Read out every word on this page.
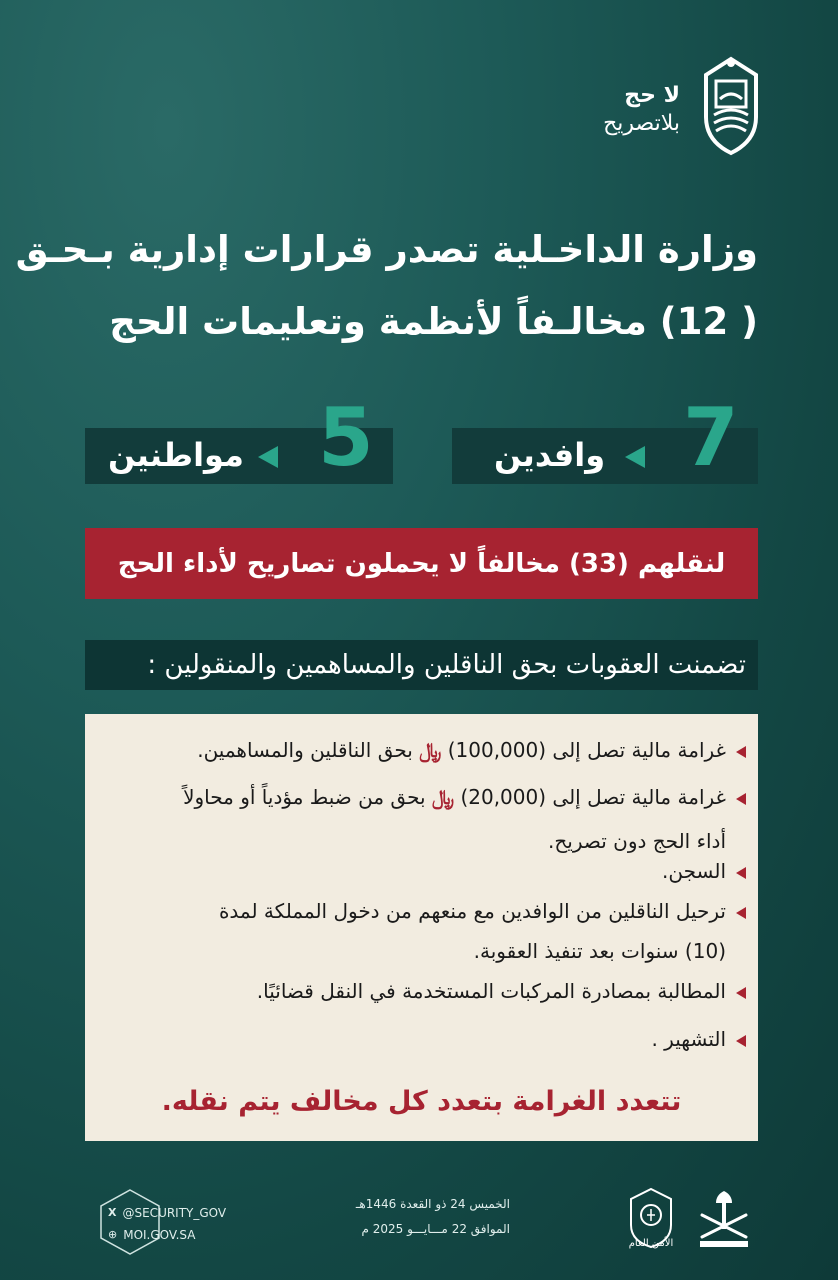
لا حج
بلاتصريح
وزارة الداخـلية تصدر قرارات إدارية بـحـق
( 12) مخالـفاً لأنظمة وتعليمات الحج
7
وافدين
5
مواطنين
لنقلهم (33) مخالفاً لا يحملون تصاريح لأداء الحج
تضمنت العقوبات بحق الناقلين والمساهمين والمنقولين :
غرامة مالية تصل إلى (100,000) ﷼ بحق الناقلين والمساهمين.
غرامة مالية تصل إلى (20,000) ﷼ بحق من ضبط مؤدياً أو محاولاً
أداء الحج دون تصريح.
السجن.
ترحيل الناقلين من الوافدين مع منعهم من دخول المملكة لمدة
(10) سنوات بعد تنفيذ العقوبة.
المطالبة بمصادرة المركبات المستخدمة في النقل قضائيًا.
التشهير .
تتعدد الغرامة بتعدد كل مخالف يتم نقله.
X @SECURITY_GOV
⊕ MOI.GOV.SA
الخميس 24 ذو القعدة 1446هـ
الموافق 22 مـــايـــو 2025 م
الأمن العام
